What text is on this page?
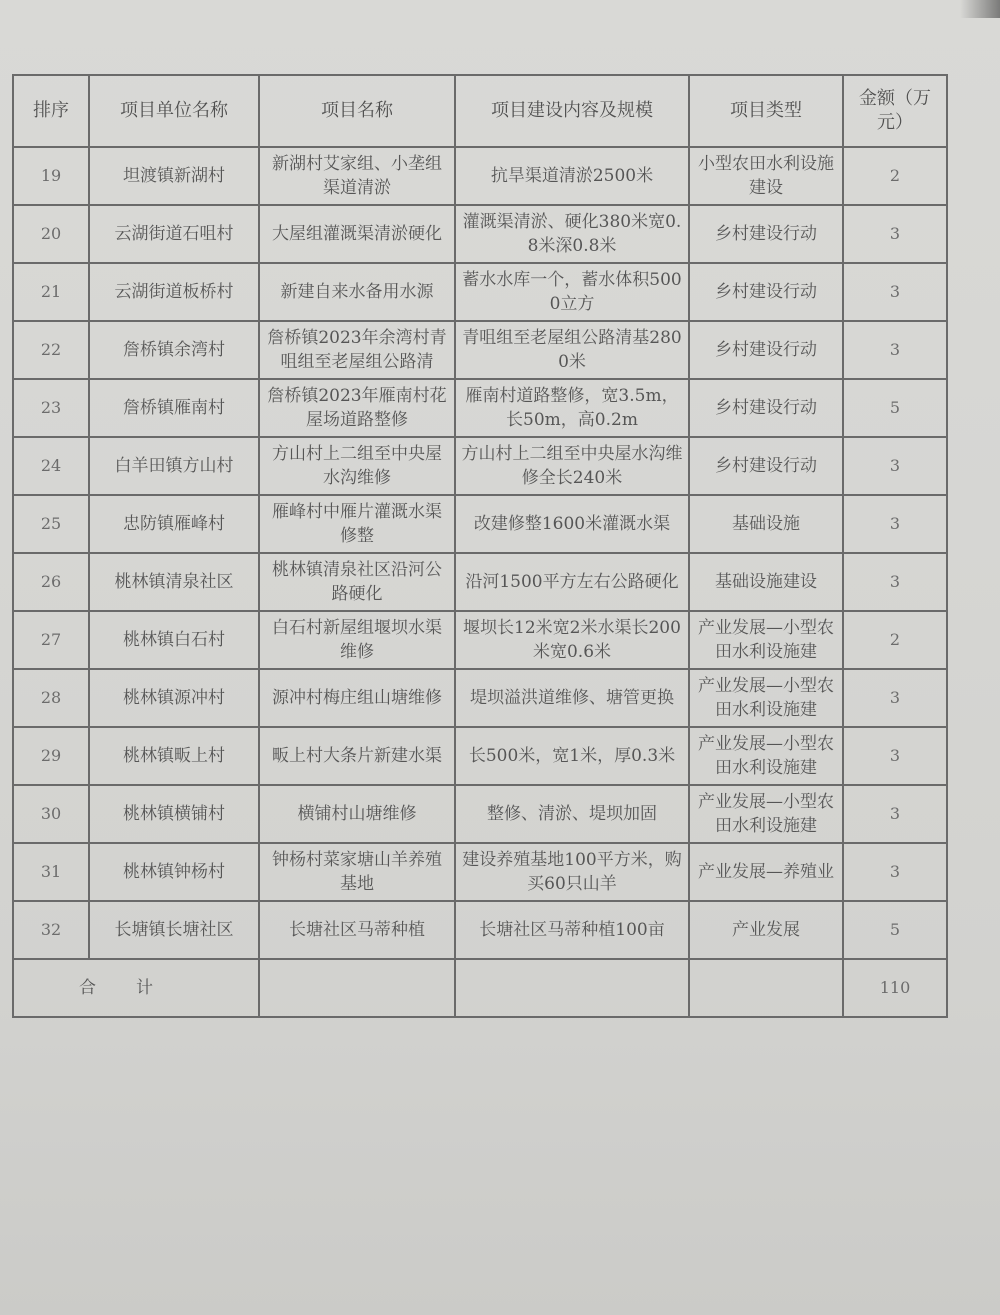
排序	项目单位名称	项目名称	项目建设内容及规模	项目类型	金额（万元）
19	坦渡镇新湖村	新湖村艾家组、小垄组渠道清淤	抗旱渠道清淤2500米	小型农田水利设施建设	2
20	云湖街道石咀村	大屋组灌溉渠清淤硬化	灌溉渠清淤、硬化380米宽0.8米深0.8米	乡村建设行动	3
21	云湖街道板桥村	新建自来水备用水源	蓄水水库一个，蓄水体积5000立方	乡村建设行动	3
22	詹桥镇余湾村	詹桥镇2023年余湾村青咀组至老屋组公路清	青咀组至老屋组公路清基2800米	乡村建设行动	3
23	詹桥镇雁南村	詹桥镇2023年雁南村花屋场道路整修	雁南村道路整修，宽3.5m，长50m，高0.2m	乡村建设行动	5
24	白羊田镇方山村	方山村上二组至中央屋水沟维修	方山村上二组至中央屋水沟维修全长240米	乡村建设行动	3
25	忠防镇雁峰村	雁峰村中雁片灌溉水渠修整	改建修整1600米灌溉水渠	基础设施	3
26	桃林镇清泉社区	桃林镇清泉社区沿河公路硬化	沿河1500平方左右公路硬化	基础设施建设	3
27	桃林镇白石村	白石村新屋组堰坝水渠维修	堰坝长12米宽2米水渠长200米宽0.6米	产业发展—小型农田水利设施建	2
28	桃林镇源冲村	源冲村梅庄组山塘维修	堤坝溢洪道维修、塘管更换	产业发展—小型农田水利设施建	3
29	桃林镇畈上村	畈上村大条片新建水渠	长500米，宽1米，厚0.3米	产业发展—小型农田水利设施建	3
30	桃林镇横铺村	横铺村山塘维修	整修、清淤、堤坝加固	产业发展—小型农田水利设施建	3
31	桃林镇钟杨村	钟杨村菜家塘山羊养殖基地	建设养殖基地100平方米，购买60只山羊	产业发展—养殖业	3
32	长塘镇长塘社区	长塘社区马蒂种植	长塘社区马蒂种植100亩	产业发展	5
合计					110
